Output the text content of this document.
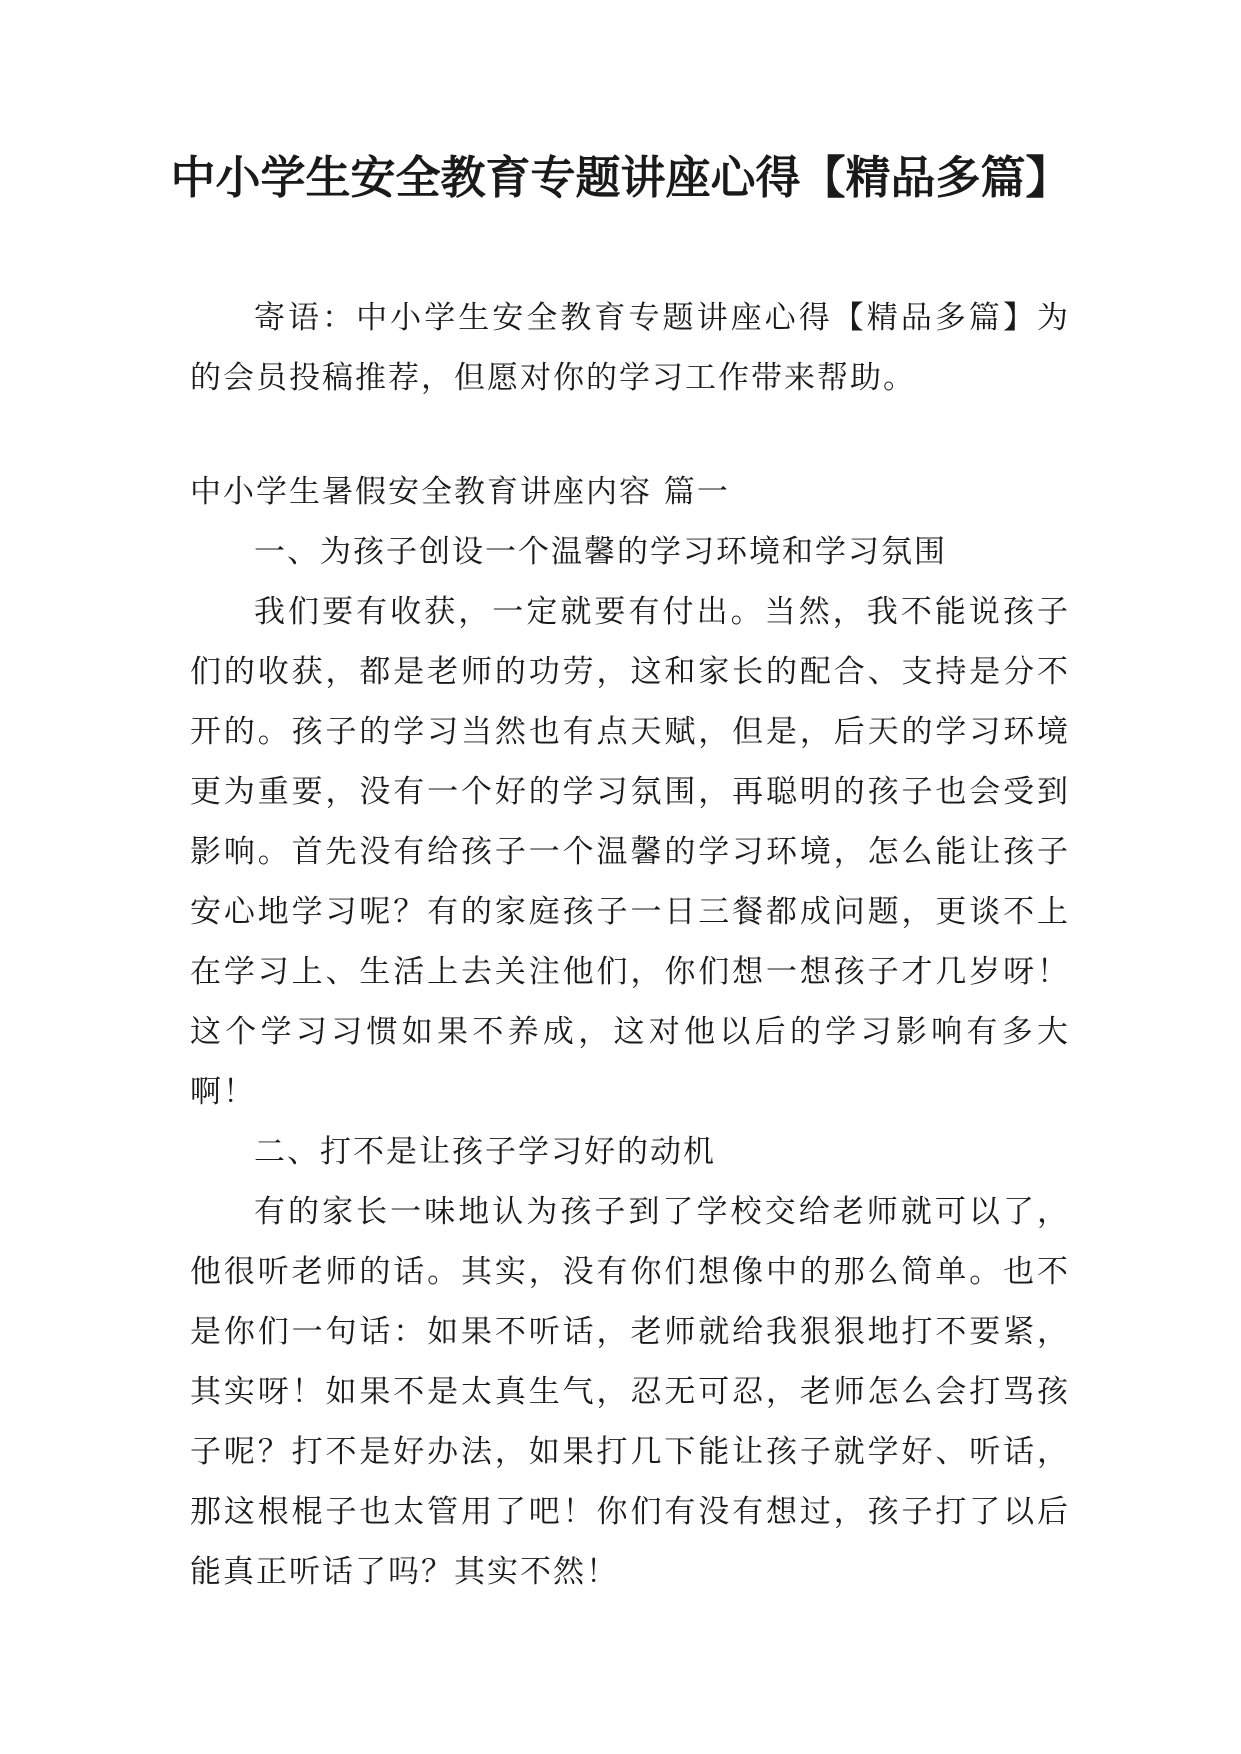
中小学生安全教育专题讲座心得【精品多篇】
寄语：中小学生安全教育专题讲座心得【精品多篇】为的会员投稿推荐，但愿对你的学习工作带来帮助。

中小学生暑假安全教育讲座内容 篇一

一、为孩子创设一个温馨的学习环境和学习氛围

我们要有收获，一定就要有付出。当然，我不能说孩子们的收获，都是老师的功劳，这和家长的配合、支持是分不开的。孩子的学习当然也有点天赋，但是，后天的学习环境更为重要，没有一个好的学习氛围，再聪明的孩子也会受到影响。首先没有给孩子一个温馨的学习环境，怎么能让孩子安心地学习呢？有的家庭孩子一日三餐都成问题，更谈不上在学习上、生活上去关注他们，你们想一想孩子才几岁呀！这个学习习惯如果不养成，这对他以后的学习影响有多大啊！

二、打不是让孩子学习好的动机

有的家长一味地认为孩子到了学校交给老师就可以了，他很听老师的话。其实，没有你们想像中的那么简单。也不是你们一句话：如果不听话，老师就给我狠狠地打不要紧，其实呀！如果不是太真生气，忍无可忍，老师怎么会打骂孩子呢？打不是好办法，如果打几下能让孩子就学好、听话，那这根棍子也太管用了吧！你们有没有想过，孩子打了以后能真正听话了吗？其实不然！
